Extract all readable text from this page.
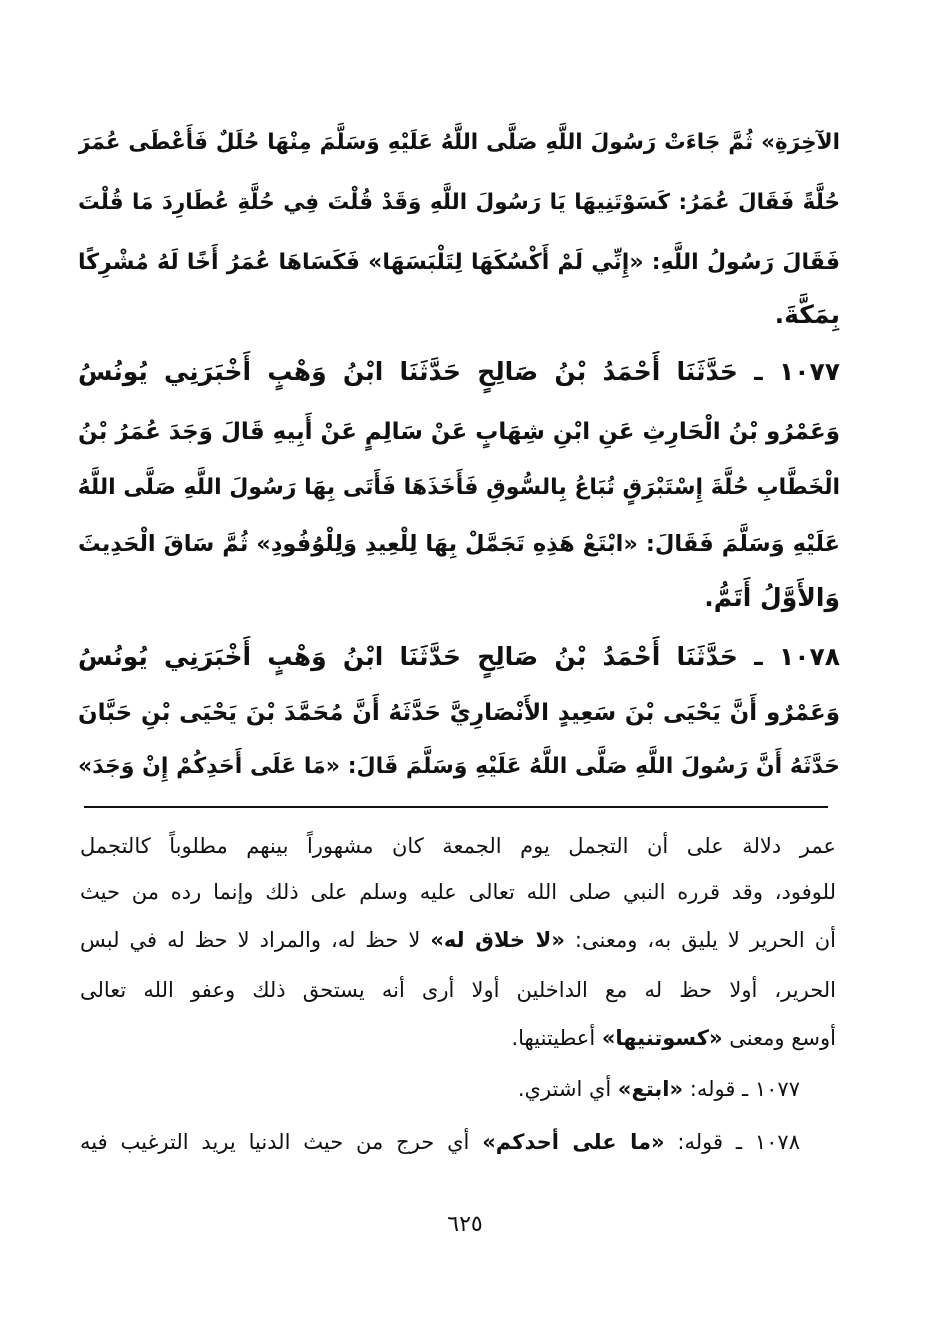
الآخِرَةِ» ثُمَّ جَاءَتْ رَسُولَ اللَّهِ صَلَّى اللَّهُ عَلَيْهِ وَسَلَّمَ مِنْهَا حُلَلٌ فَأَعْطَى عُمَرَ
حُلَّةً فَقَالَ عُمَرُ: كَسَوْتَنِيهَا يَا رَسُولَ اللَّهِ وَقَدْ قُلْتَ فِي حُلَّةِ عُطَارِدَ مَا قُلْتَ
فَقَالَ رَسُولُ اللَّهِ: «إِنِّي لَمْ أَكْسُكَهَا لِتَلْبَسَهَا» فَكَسَاهَا عُمَرُ أَخًا لَهُ مُشْرِكًا
بِمَكَّةَ.
١٠٧٧ ـ حَدَّثَنَا أَحْمَدُ بْنُ صَالِحٍ حَدَّثَنَا ابْنُ وَهْبٍ أَخْبَرَنِي يُونُسُ
وَعَمْرُو بْنُ الْحَارِثِ عَنِ ابْنِ شِهَابٍ عَنْ سَالِمٍ عَنْ أَبِيهِ قَالَ وَجَدَ عُمَرُ بْنُ
الْخَطَّابِ حُلَّةَ إِسْتَبْرَقٍ تُبَاعُ بِالسُّوقِ فَأَخَذَهَا فَأَتَى بِهَا رَسُولَ اللَّهِ صَلَّى اللَّهُ
عَلَيْهِ وَسَلَّمَ فَقَالَ: «ابْتَعْ هَذِهِ تَجَمَّلْ بِهَا لِلْعِيدِ وَلِلْوُفُودِ» ثُمَّ سَاقَ الْحَدِيثَ
وَالأَوَّلُ أَتَمُّ.
١٠٧٨ ـ حَدَّثَنَا أَحْمَدُ بْنُ صَالِحٍ حَدَّثَنَا ابْنُ وَهْبٍ أَخْبَرَنِي يُونُسُ
وَعَمْرٌو أَنَّ يَحْيَى بْنَ سَعِيدٍ الأَنْصَارِيَّ حَدَّثَهُ أَنَّ مُحَمَّدَ بْنَ يَحْيَى بْنِ حَبَّانَ
حَدَّثَهُ أَنَّ رَسُولَ اللَّهِ صَلَّى اللَّهُ عَلَيْهِ وَسَلَّمَ قَالَ: «مَا عَلَى أَحَدِكُمْ إِنْ وَجَدَ»
عمر دلالة على أن التجمل يوم الجمعة كان مشهوراً بينهم مطلوباً كالتجمل
للوفود، وقد قرره النبي صلى الله تعالى عليه وسلم على ذلك وإنما رده من حيث
أن الحرير لا يليق به، ومعنى: «لا خلاق له» لا حظ له، والمراد لا حظ له في لبس
الحرير، أولا حظ له مع الداخلين أولا أرى أنه يستحق ذلك وعفو الله تعالى
أوسع ومعنى «كسوتنيها» أعطيتنيها.
١٠٧٧ ـ قوله: «ابتع» أي اشتري.
١٠٧٨ ـ قوله: «ما على أحدكم» أي حرج من حيث الدنيا يريد الترغيب فيه
٦٢٥
